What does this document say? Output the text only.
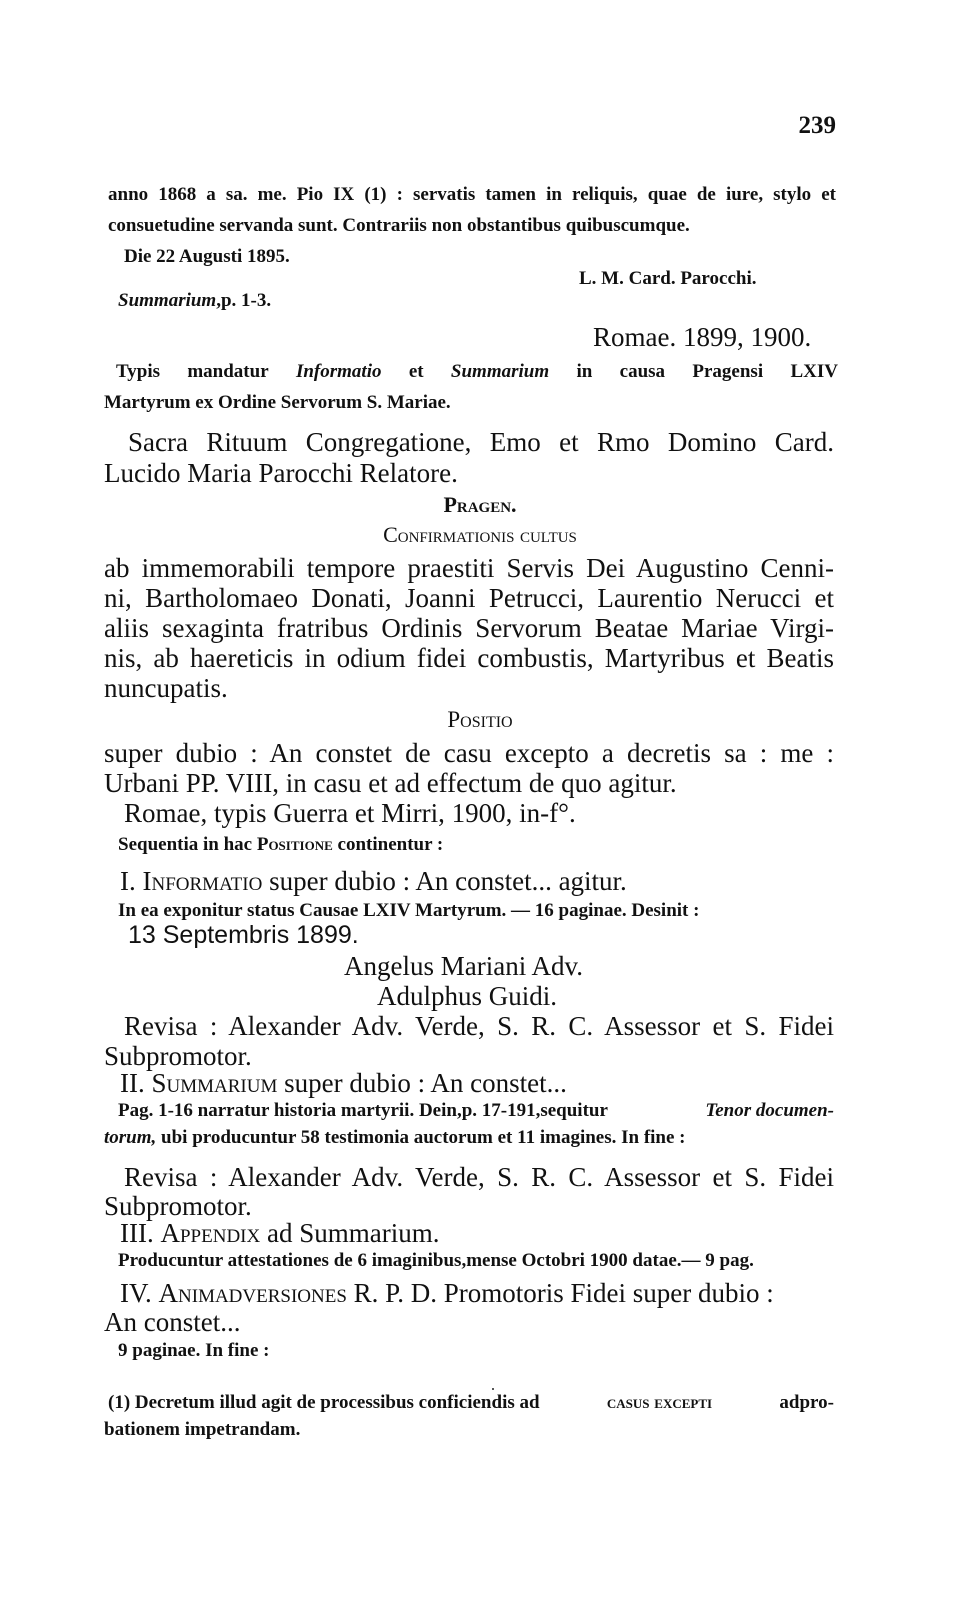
239

anno 1868 a sa. me. Pio IX (1) : servatis tamen in reliquis, quae de iure, stylo et

consuetudine servanda sunt. Contrariis non obstantibus quibuscumque.

Die 22 Augusti 1895.

L. M. Card. Parocchi.

Summarium,p. 1-3.

Romae. 1899, 1900.

Typis mandatur Informatio et Summarium in causa Pragensi LXIV

Martyrum ex Ordine Servorum S. Mariae.

Sacra Rituum Congregatione, Emo et Rmo Domino Card.

Lucido Maria Parocchi Relatore.

Pragen.

Confirmationis cultus

ab immemorabili tempore praestiti Servis Dei Augustino Cenni-

ni, Bartholomaeo Donati, Joanni Petrucci, Laurentio Nerucci et

aliis sexaginta fratribus Ordinis Servorum Beatae Mariae Virgi-

nis, ab haereticis in odium fidei combustis, Martyribus et Beatis

nuncupatis.

Positio

super dubio : An constet de casu excepto a decretis sa : me :

Urbani PP. VIII, in casu et ad effectum de quo agitur.

Romae, typis Guerra et Mirri, 1900, in-f°.

Sequentia in hac Positione continentur :

I. Informatio super dubio : An constet... agitur.

In ea exponitur status Causae LXIV Martyrum. — 16 paginae. Desinit :

13 Septembris 1899.

Angelus Mariani Adv.

Adulphus Guidi.

Revisa : Alexander Adv. Verde, S. R. C. Assessor et S. Fidei

Subpromotor.

II. Summarium super dubio : An constet...

Pag. 1-16 narratur historia martyrii. Dein,p. 17-191,sequitur	Tenor documen-

torum, ubi producuntur 58 testimonia auctorum et 11 imagines. In fine :

Revisa : Alexander Adv. Verde, S. R. C. Assessor et S. Fidei

Subpromotor.

III. Appendix ad Summarium.

Producuntur attestationes de 6 imaginibus,mense Octobri 1900 datae.— 9 pag.

IV. Animadversiones R. P. D. Promotoris Fidei super dubio :

An constet...

9 paginae. In fine :

(1) Decretum illud agit de processibus conficiendis ad	casus excepti	adpro-

bationem impetrandam.
